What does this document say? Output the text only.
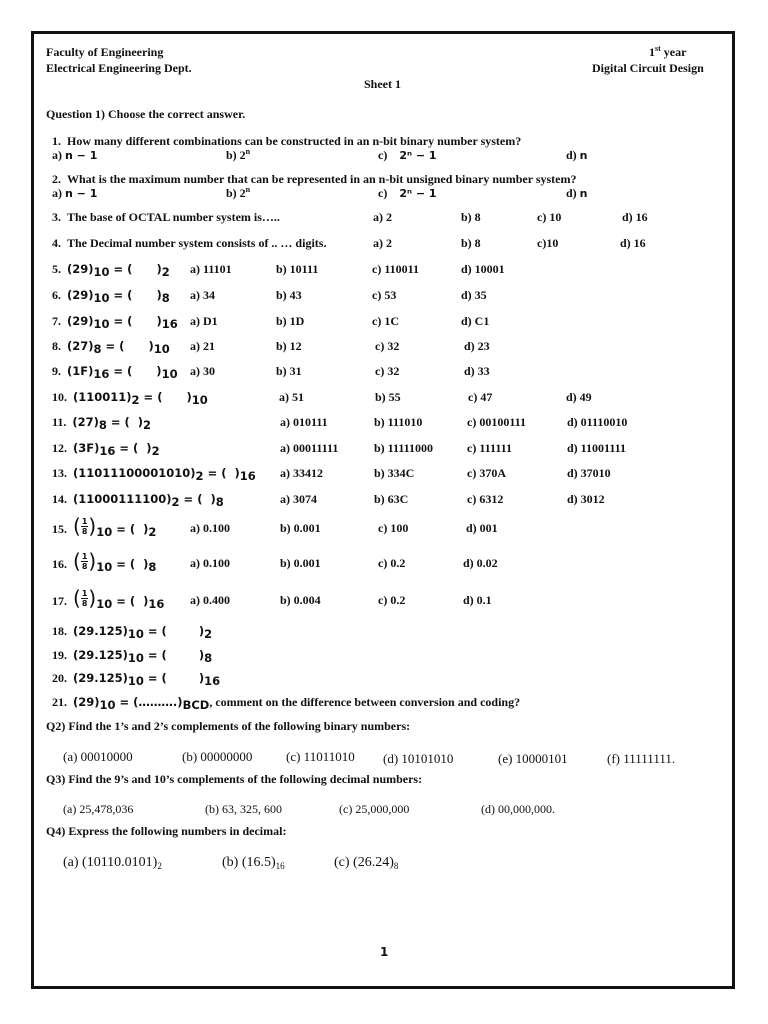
Faculty of Engineering
Electrical Engineering Dept.
1st year
Digital Circuit Design
Sheet 1
Question 1) Choose the correct answer.
1. How many different combinations can be constructed in an n-bit binary number system?
a) n − 1	b) 2$^n$	c) 2ⁿ − 1	d) n
2. What is the maximum number that can be represented in an n-bit unsigned binary number system?
a) n − 1	b) 2$^n$	c) 2ⁿ − 1	d) n
3. The base of OCTAL number system is…..	a) 2	b) 8	c) 10	d) 16
4. The Decimal number system consists of .. … digits.	a) 2	b) 8	c)10	d) 16
5. $(29)_{10}$ = (      )$_2$ a) 11101	b) 10111	c) 110011	d) 10001
6. $(29)_{10}$ = (      )$_8$ a) 34	b) 43	c) 53	d) 35
7. $(29)_{10}$ = (      )$_{16}$ a) D1	b) 1D	c) 1C	d) C1
8. $(27)_8$ = (      )$_{10}$ a) 21	b) 12	c) 32	d) 23
9. $(1F)_{16}$ = (      )$_{10}$ a) 30	b) 31	c) 32	d) 33
10. $(110011)_2$ = (      )$_{10}$	a) 51	b) 55	c) 47	d) 49
11. $(27)_8$ = (  )$_2$	a) 010111	b) 111010	c) 00100111	d) 01110010
12. $(3F)_{16}$ = (  )$_2$	a) 00011111	b) 11111000	c) 111111	d) 11001111
13. $(11011100001010)_2$ = (  )$_{16}$ a) 33412	b) 334C	c) 370A	d) 37010
14. $(11000111100)_2$ = (  )$_8$	a) 3074	b) 63C	c) 6312	d) 3012
15. ( 1
8 ) $_{10}$ = (  )$_2$	a) 0.100	b) 0.001	c) 100	d) 001
16. ( 1
8 ) $_{10}$ = (  )$_8$	a) 0.100	b) 0.001	c) 0.2	d) 0.02
17. ( 1
8 ) $_{10}$ = (  )$_{16}$ a) 0.400	b) 0.004	c) 0.2	d) 0.1
18. $(29.125)_{10}$ = (	)$_2$
19. $(29.125)_{10}$ = (	)$_8$
20. $(29.125)_{10}$ = (	)$_{16}$
21. $(29)_{10}$ = $(\dots\dots\dots.)_{BCD}$, comment on the difference between conversion and coding?
Q2) Find the 1’s and 2’s complements of the following binary numbers:
(a) 00010000	(b) 00000000	(c) 11011010 (d) 10101010	(e) 10000101	(f) 11111111.
Q3) Find the 9’s and 10’s complements of the following decimal numbers:
(a) 25,478,036	(b) 63, 325, 600	(c) 25,000,000	(d) 00,000,000.
Q4) Express the following numbers in decimal:
(a) $(10110.0101)_2$	(b) $(16.5)_{16}$	(c) $(26.24)_8$
1
